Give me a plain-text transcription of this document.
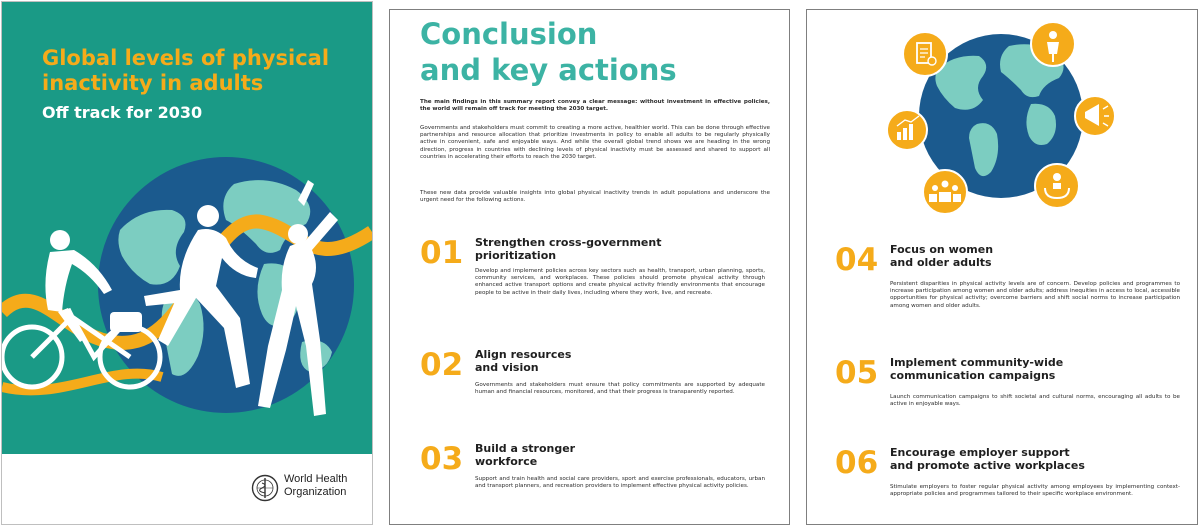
Global levels of physical
inactivity in adults
Off track for 2030
World Health
Organization
Conclusion
and key actions

The main findings in this summary report convey a clear message: without investment in effective policies, the world will remain off track for meeting the 2030 target.

Governments and stakeholders must commit to creating a more active, healthier world. This can be done through effective partnerships and resource allocation that prioritize investments in policy to enable all adults to be regularly physically active in convenient, safe and enjoyable ways. And while the overall global trend shows we are heading in the wrong direction, progress in countries with declining levels of physical inactivity must be assessed and shared to support all countries in accelerating their efforts to reach the 2030 target.

These new data provide valuable insights into global physical inactivity trends in adult populations and underscore the urgent need for the following actions.

01 Strengthen cross-government
prioritization
Develop and implement policies across key sectors such as health, transport, urban planning, sports, community services, and workplaces. These policies should promote physical activity through enhanced active transport options and create physical activity friendly environments that encourage people to be active in their daily lives, including where they work, live, and recreate.
02 Align resources
and vision
Governments and stakeholders must ensure that policy commitments are supported by adequate human and financial resources, monitored, and that their progress is transparently reported.
03 Build a stronger
workforce
Support and train health and social care providers, sport and exercise professionals, educators, urban and transport planners, and recreation providers to implement effective physical activity policies.
04 Focus on women
and older adults
Persistent disparities in physical activity levels are of concern. Develop policies and programmes to increase participation among women and older adults; address inequities in access to local, accessible opportunities for physical activity; overcome barriers and shift social norms to increase participation among women and older adults.
05 Implement community-wide
communication campaigns
Launch communication campaigns to shift societal and cultural norms, encouraging all adults to be active in enjoyable ways.
06 Encourage employer support
and promote active workplaces
Stimulate employers to foster regular physical activity among employees by implementing context-appropriate policies and programmes tailored to their specific workplace environment.
